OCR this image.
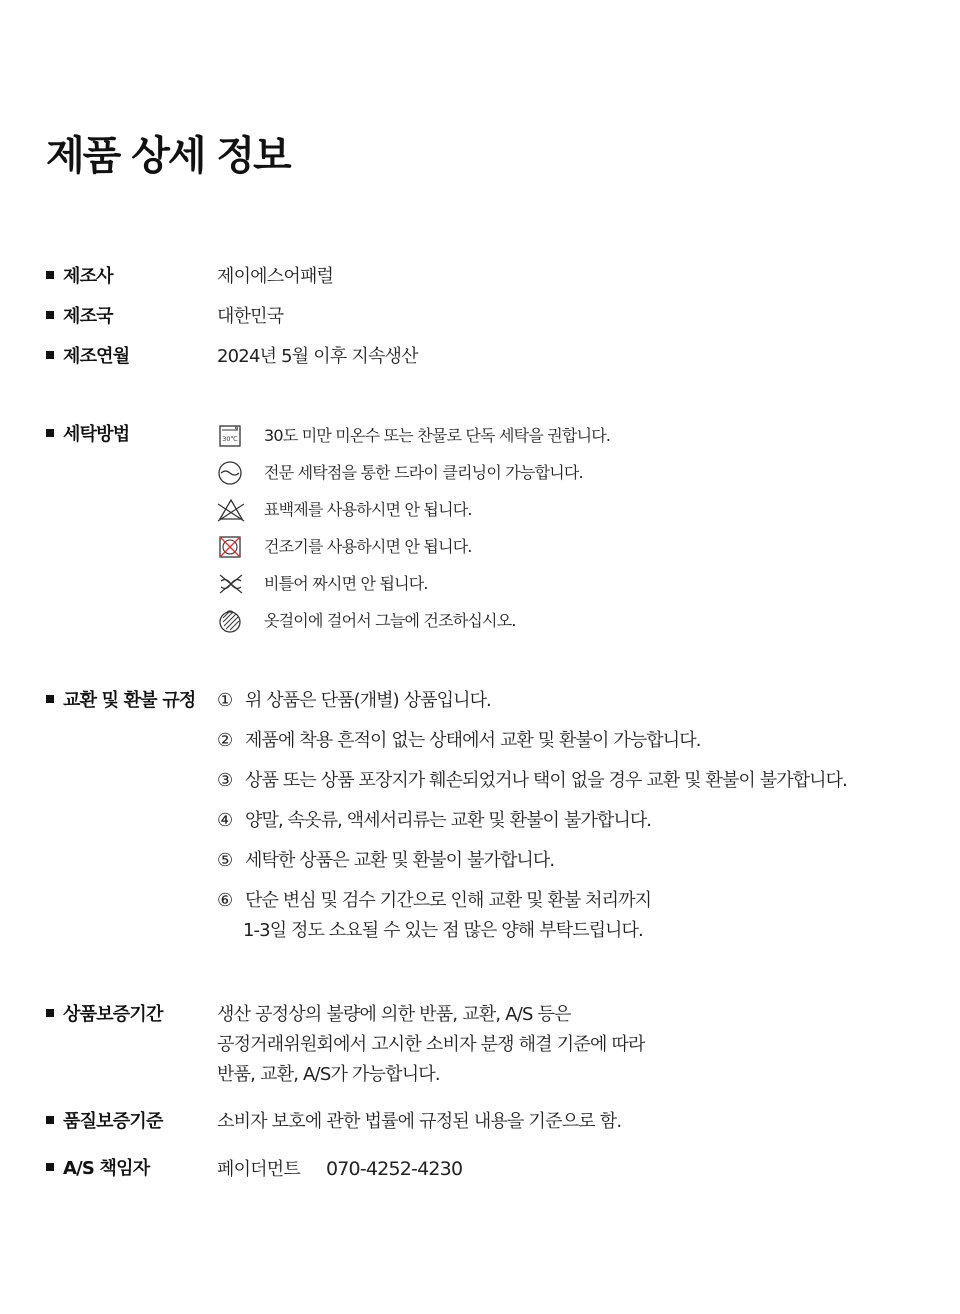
제품 상세 정보
제조사	제이에스어패럴
제조국	대한민국
제조연월	2024년 5월 이후 지속생산
세탁방법	30℃ 30도 미만 미온수 또는 찬물로 단독 세탁을 권합니다.
전문 세탁점을 통한 드라이 클리닝이 가능합니다.
표백제를 사용하시면 안 됩니다.
건조기를 사용하시면 안 됩니다.
비틀어 짜시면 안 됩니다.
옷걸이에 걸어서 그늘에 건조하십시오.
교환 및 환불 규정 ① 위 상품은 단품(개별) 상품입니다.
② 제품에 착용 흔적이 없는 상태에서 교환 및 환불이 가능합니다.
③ 상품 또는 상품 포장지가 훼손되었거나 택이 없을 경우 교환 및 환불이 불가합니다.
④ 양말, 속옷류, 액세서리류는 교환 및 환불이 불가합니다.
⑤ 세탁한 상품은 교환 및 환불이 불가합니다.
⑥ 단순 변심 및 검수 기간으로 인해 교환 및 환불 처리까지
1-3일 정도 소요될 수 있는 점 많은 양해 부탁드립니다.
상품보증기간	생산 공정상의 불량에 의한 반품, 교환, A/S 등은
공정거래위원회에서 고시한 소비자 분쟁 해결 기준에 따라
반품, 교환, A/S가 가능합니다.
품질보증기준	소비자 보호에 관한 법률에 규정된 내용을 기준으로 함.
A/S 책임자	페이더먼트 070-4252-4230
